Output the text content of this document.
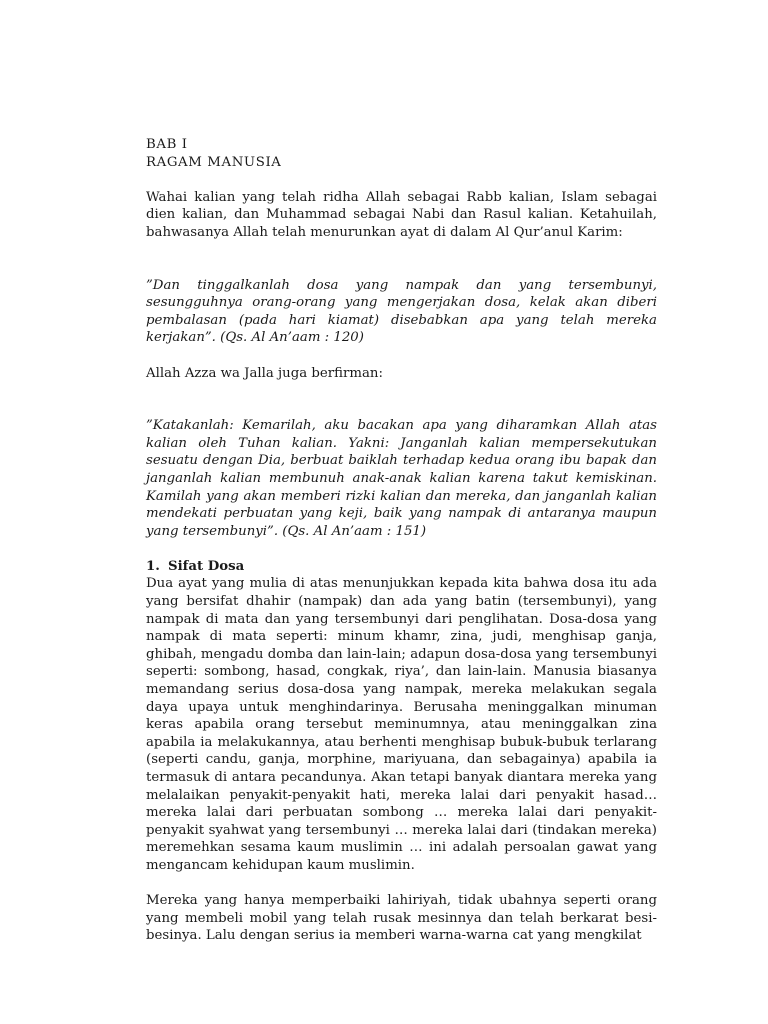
BAB I
RAGAM MANUSIA

Wahai kalian yang telah ridha Allah sebagai Rabb kalian, Islam sebagai dien kalian, dan Muhammad sebagai Nabi dan Rasul kalian. Ketahuilah, bahwasanya Allah telah menurunkan ayat di dalam Al Qur’anul Karim:

”Dan tinggalkanlah dosa yang nampak dan yang tersembunyi, sesungguhnya orang-orang yang mengerjakan dosa, kelak akan diberi pembalasan (pada hari kiamat) disebabkan apa yang telah mereka kerjakan”. (Qs. Al An’aam : 120)

Allah Azza wa Jalla juga berfirman:

”Katakanlah: Kemarilah, aku bacakan apa yang diharamkan Allah atas kalian oleh Tuhan kalian. Yakni: Janganlah kalian mempersekutukan sesuatu dengan Dia, berbuat baiklah terhadap kedua orang ibu bapak dan janganlah kalian membunuh anak-anak kalian karena takut kemiskinan. Kamilah yang akan memberi rizki kalian dan mereka, dan janganlah kalian mendekati perbuatan yang keji, baik yang nampak di antaranya maupun yang tersembunyi”. (Qs. Al An’aam : 151)

1. Sifat Dosa

Dua ayat yang mulia di atas menunjukkan kepada kita bahwa dosa itu ada yang bersifat dhahir (nampak) dan ada yang batin (tersembunyi), yang nampak di mata dan yang tersembunyi dari penglihatan. Dosa-dosa yang nampak di mata seperti: minum khamr, zina, judi, menghisap ganja, ghibah, mengadu domba dan lain-lain; adapun dosa-dosa yang tersembunyi seperti: sombong, hasad, congkak, riya’, dan lain-lain. Manusia biasanya memandang serius dosa-dosa yang nampak, mereka melakukan segala daya upaya untuk menghindarinya. Berusaha meninggalkan minuman keras apabila orang tersebut meminumnya, atau meninggalkan zina apabila ia melakukannya, atau berhenti menghisap bubuk-bubuk terlarang (seperti candu, ganja, morphine, mariyuana, dan sebagainya) apabila ia termasuk di antara pecandunya. Akan tetapi banyak diantara mereka yang melalaikan penyakit-penyakit hati, mereka lalai dari penyakit hasad… mereka lalai dari perbuatan sombong … mereka lalai dari penyakit-penyakit syahwat yang tersembunyi … mereka lalai dari (tindakan mereka) meremehkan sesama kaum muslimin … ini adalah persoalan gawat yang mengancam kehidupan kaum muslimin.

Mereka yang hanya memperbaiki lahiriyah, tidak ubahnya seperti orang yang membeli mobil yang telah rusak mesinnya dan telah berkarat besi-besinya. Lalu dengan serius ia memberi warna-warna cat yang mengkilat
